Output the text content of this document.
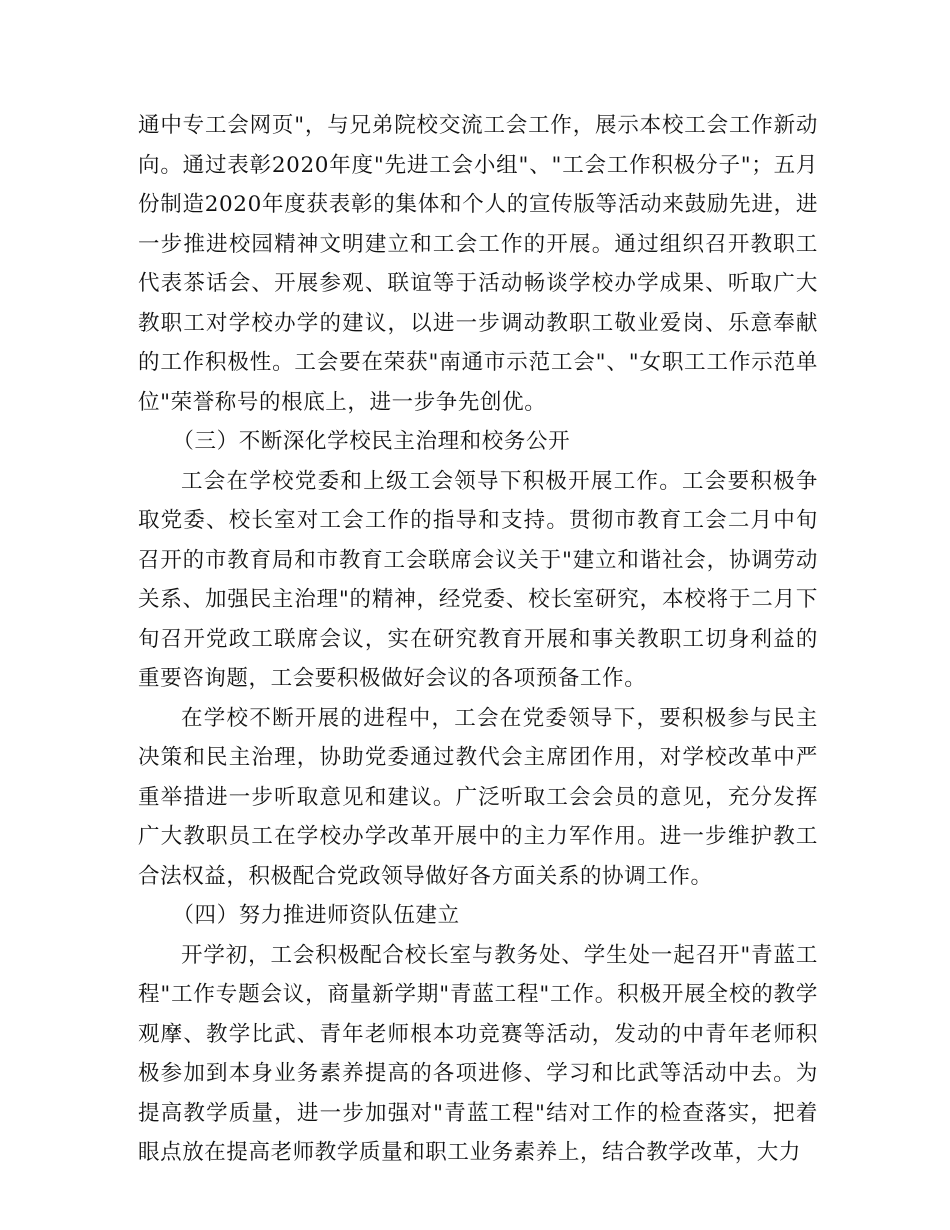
通中专工会网页"，与兄弟院校交流工会工作，展示本校工会工作新动向。通过表彰2020年度"先进工会小组"、"工会工作积极分子"；五月份制造2020年度获表彰的集体和个人的宣传版等活动来鼓励先进，进一步推进校园精神文明建立和工会工作的开展。通过组织召开教职工代表茶话会、开展参观、联谊等于活动畅谈学校办学成果、听取广大教职工对学校办学的建议，以进一步调动教职工敬业爱岗、乐意奉献的工作积极性。工会要在荣获"南通市示范工会"、"女职工工作示范单位"荣誉称号的根底上，进一步争先创优。

（三）不断深化学校民主治理和校务公开

工会在学校党委和上级工会领导下积极开展工作。工会要积极争取党委、校长室对工会工作的指导和支持。贯彻市教育工会二月中旬召开的市教育局和市教育工会联席会议关于"建立和谐社会，协调劳动关系、加强民主治理"的精神，经党委、校长室研究，本校将于二月下旬召开党政工联席会议，实在研究教育开展和事关教职工切身利益的重要咨询题，工会要积极做好会议的各项预备工作。

在学校不断开展的进程中，工会在党委领导下，要积极参与民主决策和民主治理，协助党委通过教代会主席团作用，对学校改革中严重举措进一步听取意见和建议。广泛听取工会会员的意见，充分发挥广大教职员工在学校办学改革开展中的主力军作用。进一步维护教工合法权益，积极配合党政领导做好各方面关系的协调工作。

（四）努力推进师资队伍建立

开学初，工会积极配合校长室与教务处、学生处一起召开"青蓝工程"工作专题会议，商量新学期"青蓝工程"工作。积极开展全校的教学观摩、教学比武、青年老师根本功竞赛等活动，发动的中青年老师积极参加到本身业务素养提高的各项进修、学习和比武等活动中去。为提高教学质量，进一步加强对"青蓝工程"结对工作的检查落实，把着眼点放在提高老师教学质量和职工业务素养上，结合教学改革，大力
